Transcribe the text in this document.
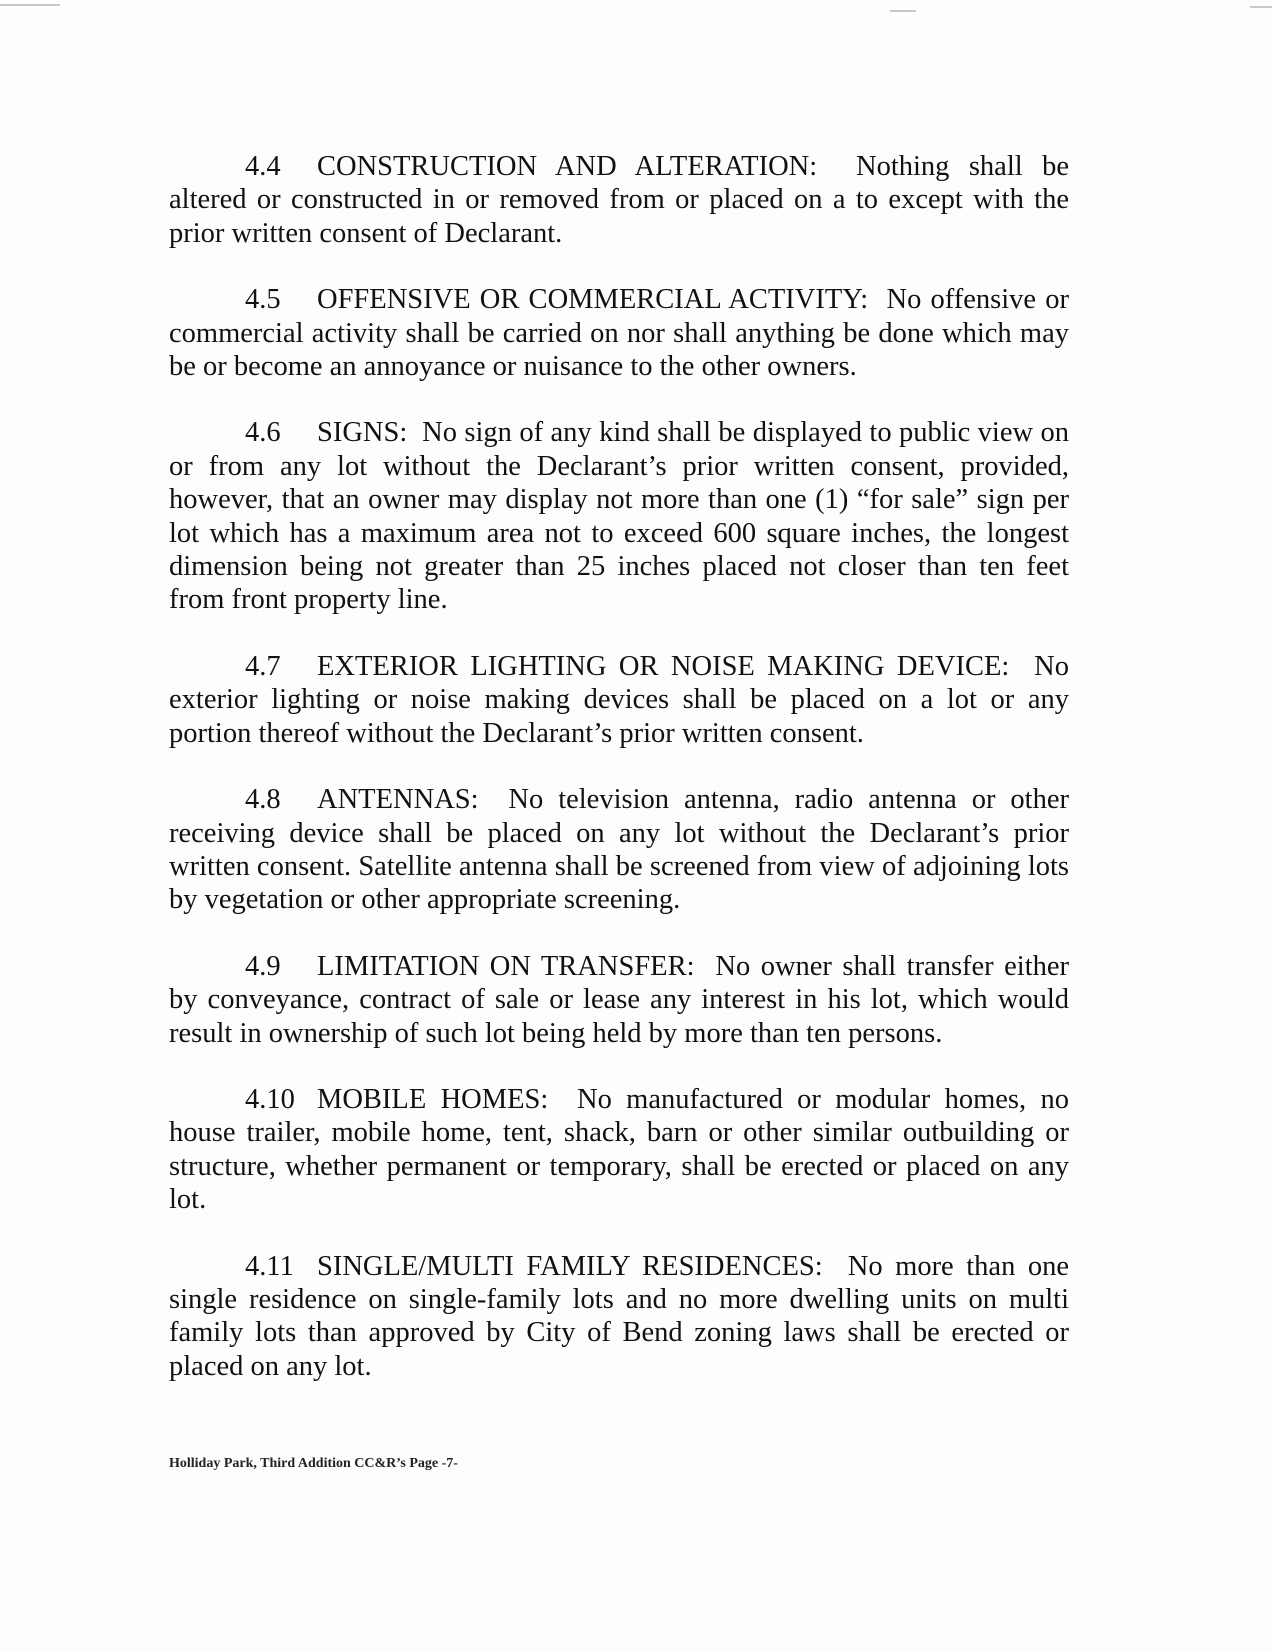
4.4 CONSTRUCTION AND ALTERATION: Nothing shall be altered or constructed in or removed from or placed on a to except with the prior written consent of Declarant.

4.5 OFFENSIVE OR COMMERCIAL ACTIVITY: No offensive or commercial activity shall be carried on nor shall anything be done which may be or become an annoyance or nuisance to the other owners.

4.6 SIGNS: No sign of any kind shall be displayed to public view on or from any lot without the Declarant’s prior written consent, provided, however, that an owner may display not more than one (1) “for sale” sign per lot which has a maximum area not to exceed 600 square inches, the longest dimension being not greater than 25 inches placed not closer than ten feet from front property line.

4.7 EXTERIOR LIGHTING OR NOISE MAKING DEVICE: No exterior lighting or noise making devices shall be placed on a lot or any portion thereof without the Declarant’s prior written consent.

4.8 ANTENNAS: No television antenna, radio antenna or other receiving device shall be placed on any lot without the Declarant’s prior written consent. Satellite antenna shall be screened from view of adjoining lots by vegetation or other appropriate screening.

4.9 LIMITATION ON TRANSFER: No owner shall transfer either by conveyance, contract of sale or lease any interest in his lot, which would result in ownership of such lot being held by more than ten persons.

4.10 MOBILE HOMES: No manufactured or modular homes, no house trailer, mobile home, tent, shack, barn or other similar outbuilding or structure, whether permanent or temporary, shall be erected or placed on any lot.

4.11 SINGLE/MULTI FAMILY RESIDENCES: No more than one single residence on single-family lots and no more dwelling units on multi family lots than approved by City of Bend zoning laws shall be erected or placed on any lot.

Holliday Park, Third Addition CC&R’s Page -7-
